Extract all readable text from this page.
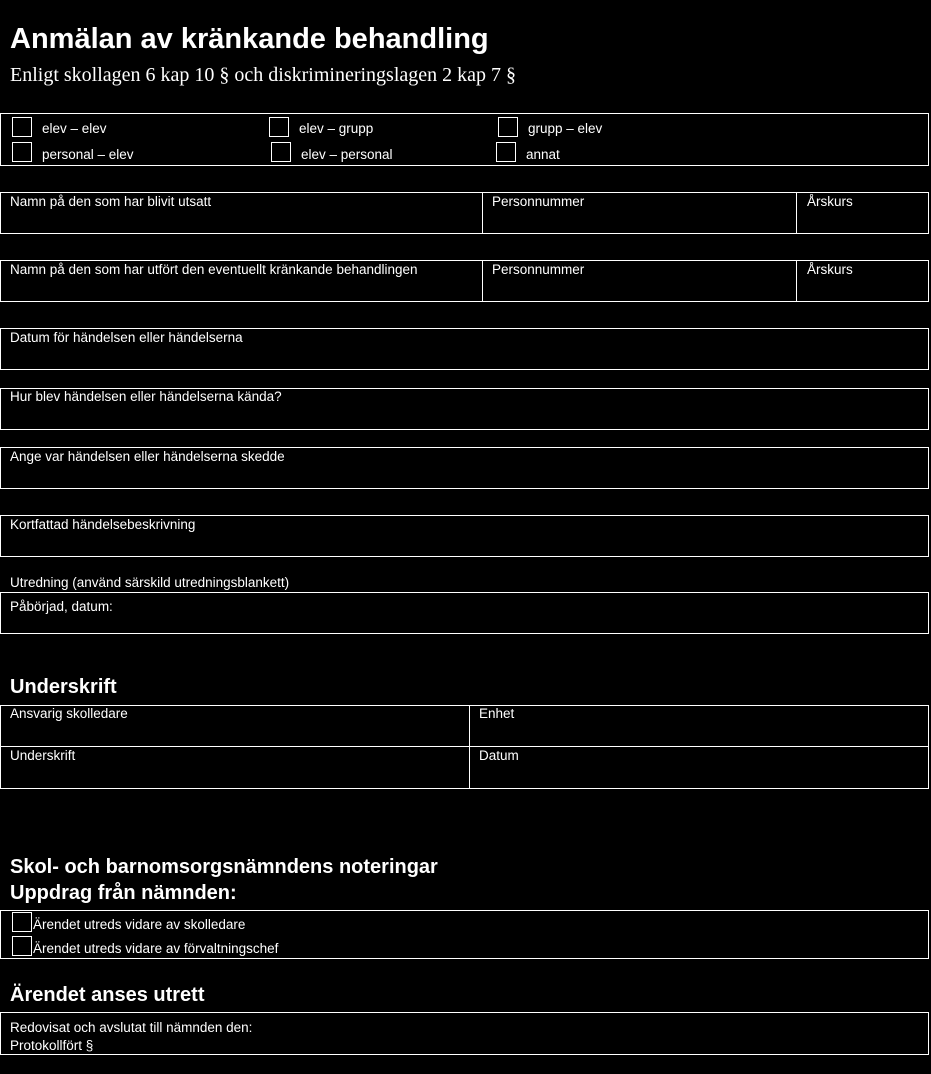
Anmälan av kränkande behandling
Enligt skollagen 6 kap 10 § och diskrimineringslagen 2 kap 7 §
elev – elev	elev – grupp	grupp – elev
personal – elev	elev – personal	annat
Namn på den som har blivit utsatt	Personnummer	Årskurs
Namn på den som har utfört den eventuellt kränkande behandlingen	Personnummer	Årskurs
Datum för händelsen eller händelserna
Hur blev händelsen eller händelserna kända?
Ange var händelsen eller händelserna skedde
Kortfattad händelsebeskrivning
Utredning (använd särskild utredningsblankett)
Påbörjad, datum:
Underskrift
Ansvarig skolledare	Enhet
Underskrift	Datum
Skol- och barnomsorgsnämndens noteringar
Uppdrag från nämnden:
Ärendet utreds vidare av skolledare
Ärendet utreds vidare av förvaltningschef
Ärendet anses utrett
Redovisat och avslutat till nämnden den:
Protokollfört §
